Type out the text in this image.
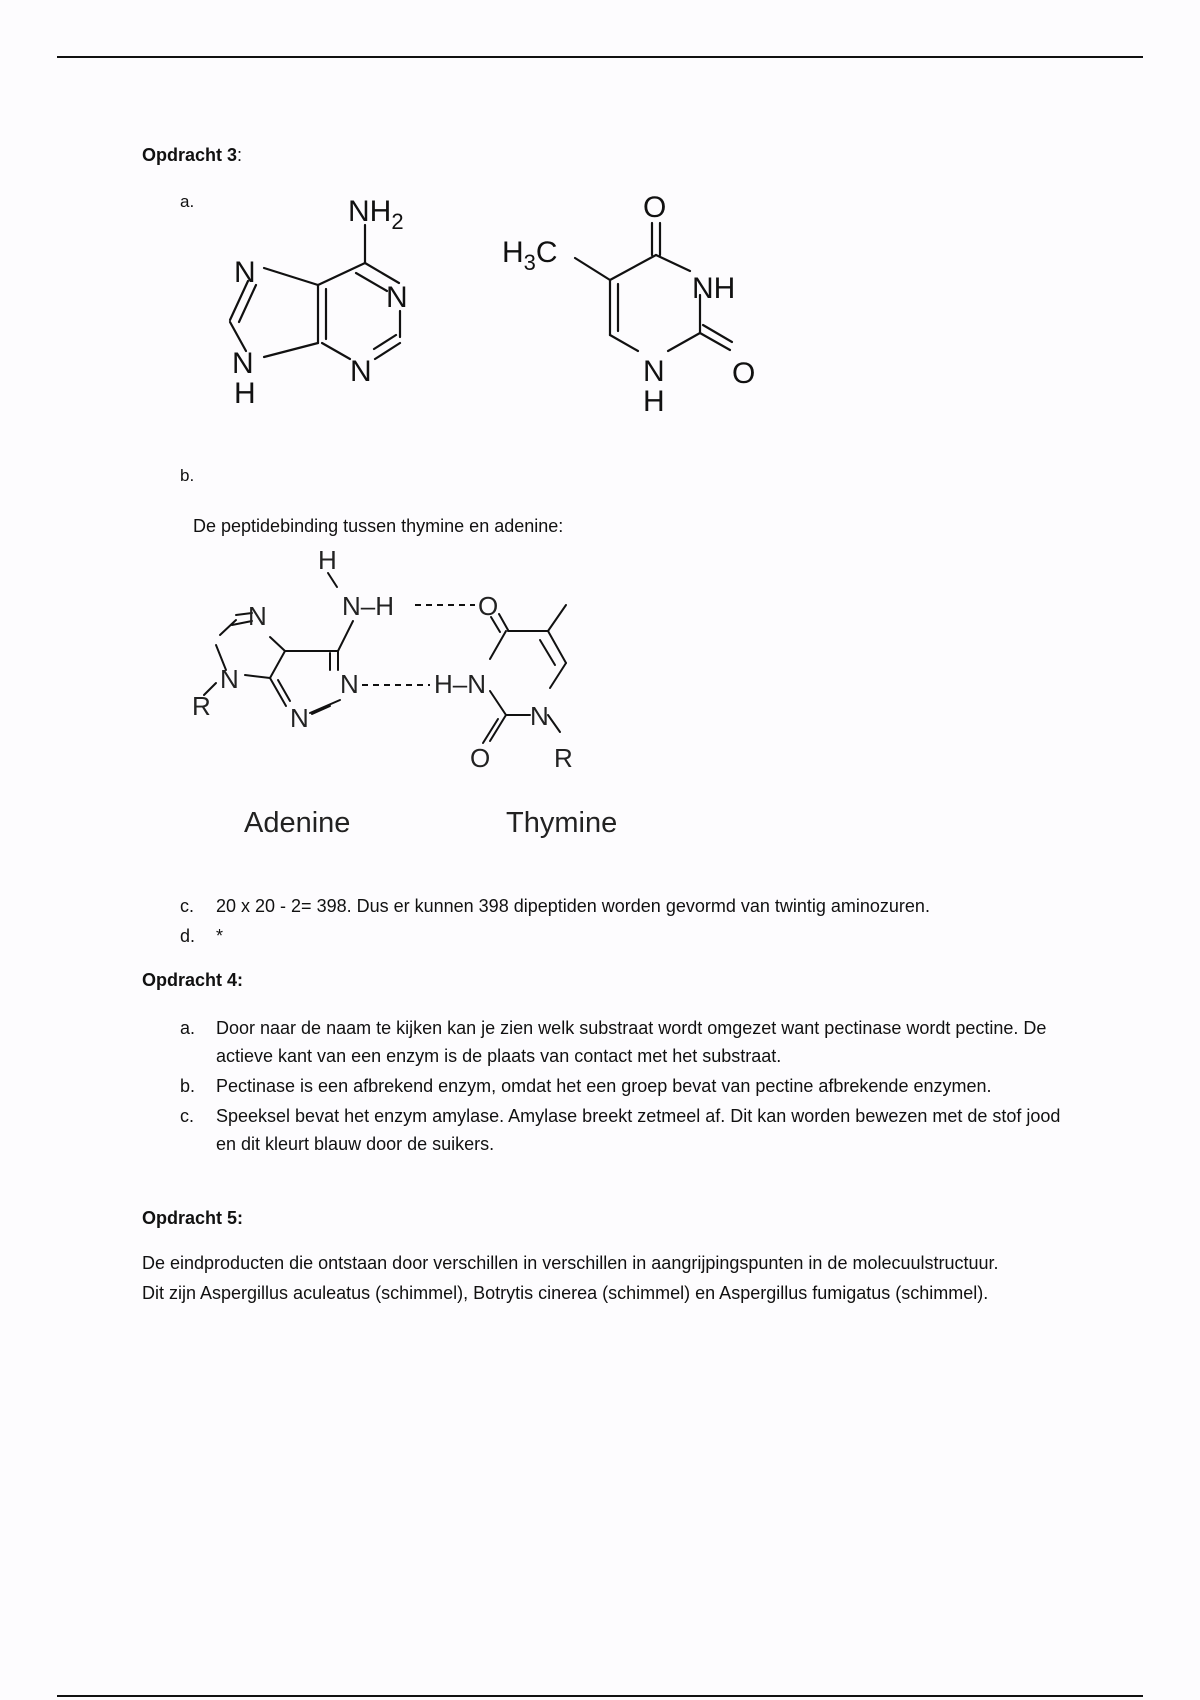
Opdracht 3:
a.	$NH_2$
N
N
N
N
H
O
$H_3C$
NH
N
H
O
b.
De peptidebinding tussen thymine en adenine:
H
N–H	O
N
N
R
N	H–N
N	N
O R
Adenine	Thymine
c. 20 x 20 - 2= 398. Dus er kunnen 398 dipeptiden worden gevormd van twintig aminozuren.
d. *
Opdracht 4:
a. Door naar de naam te kijken kan je zien welk substraat wordt omgezet want pectinase wordt pectine. De actieve kant van een enzym is de plaats van contact met het substraat.
b. Pectinase is een afbrekend enzym, omdat het een groep bevat van pectine afbrekende enzymen.
c. Speeksel bevat het enzym amylase. Amylase breekt zetmeel af. Dit kan worden bewezen met de stof jood en dit kleurt blauw door de suikers.
Opdracht 5:

De eindproducten die ontstaan door verschillen in verschillen in aangrijpingspunten in de molecuulstructuur. Dit zijn Aspergillus aculeatus (schimmel), Botrytis cinerea (schimmel) en Aspergillus fumigatus (schimmel).
